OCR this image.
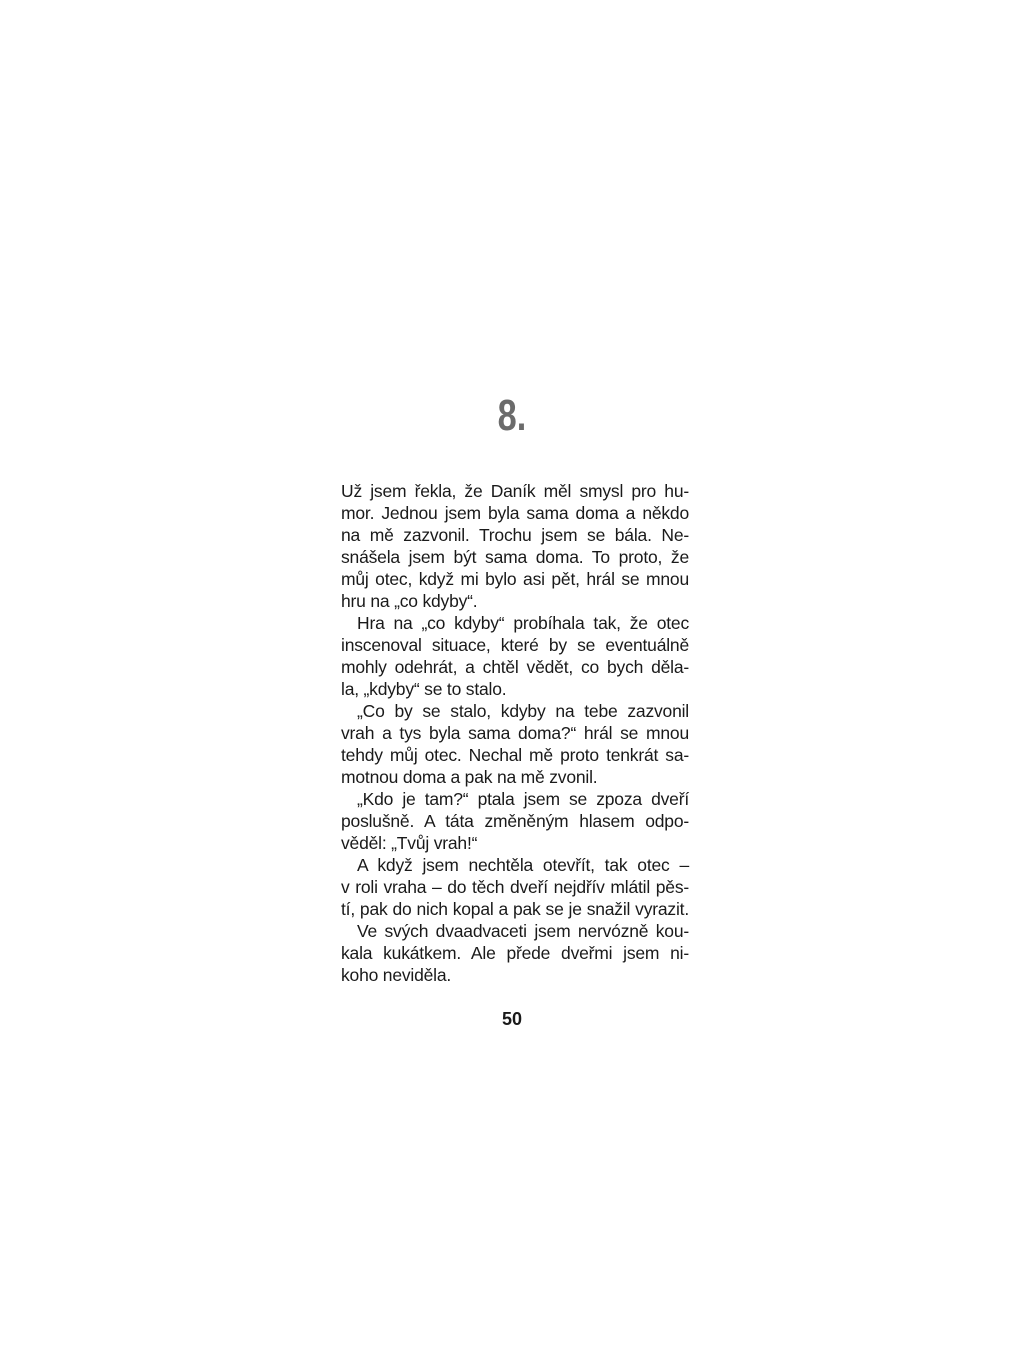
8.
Už jsem řekla, že Daník měl smysl pro hu-
mor. Jednou jsem byla sama doma a někdo
na mě zazvonil. Trochu jsem se bála. Ne-
snášela jsem být sama doma. To proto, že
můj otec, když mi bylo asi pět, hrál se mnou
hru na „co kdyby“.
Hra na „co kdyby“ probíhala tak, že otec
inscenoval situace, které by se eventuálně
mohly odehrát, a chtěl vědět, co bych děla-
la, „kdyby“ se to stalo.
„Co by se stalo, kdyby na tebe zazvonil
vrah a tys byla sama doma?“ hrál se mnou
tehdy můj otec. Nechal mě proto tenkrát sa-
motnou doma a pak na mě zvonil.
„Kdo je tam?“ ptala jsem se zpoza dveří
poslušně. A táta změněným hlasem odpo-
věděl: „Tvůj vrah!“
A když jsem nechtěla otevřít, tak otec –
v roli vraha – do těch dveří nejdřív mlátil pěs-
tí, pak do nich kopal a pak se je snažil vyrazit.
Ve svých dvaadvaceti jsem nervózně kou-
kala kukátkem. Ale přede dveřmi jsem ni-
koho neviděla.
50
